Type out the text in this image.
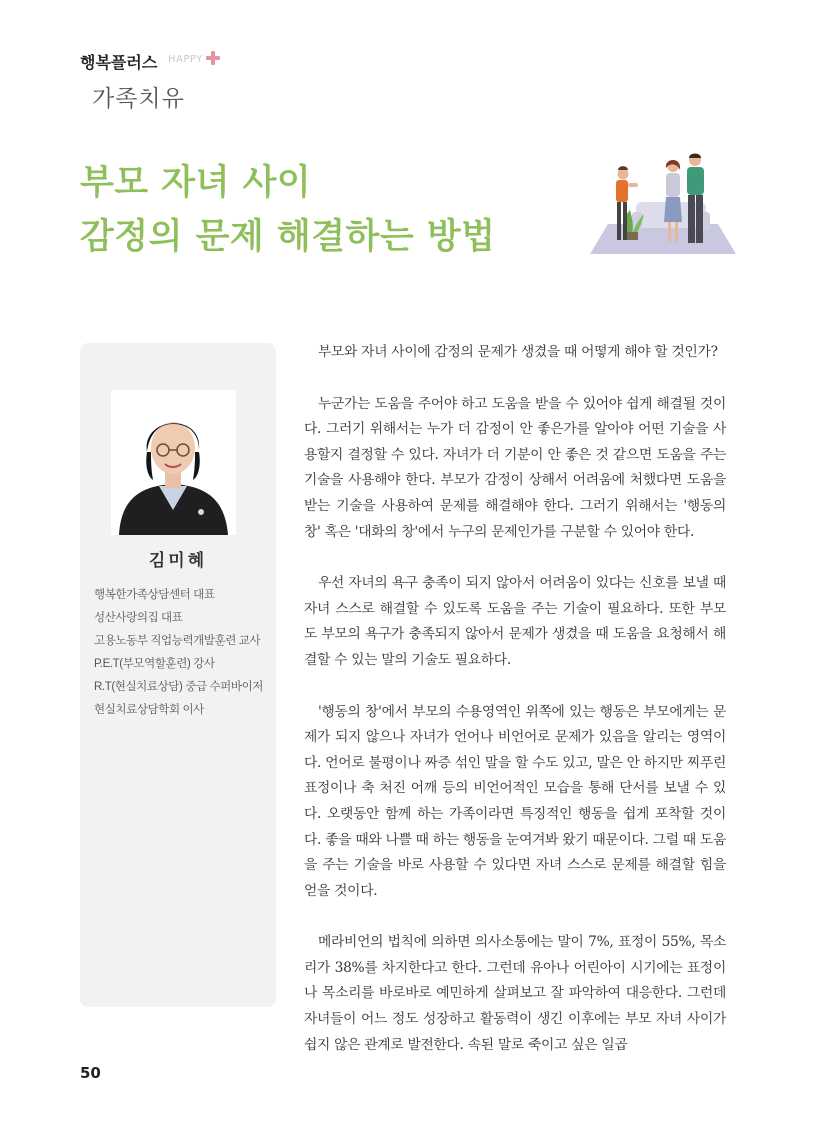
행복플러스 HAPPY
가족치유
부모 자녀 사이
감정의 문제 해결하는 방법
김미혜
행복한가족상담센터 대표
성산사랑의집 대표
고용노동부 직업능력개발훈련 교사
P.E.T(부모역할훈련) 강사
R.T(현실치료상담) 중급 수퍼바이저
현실치료상담학회 이사

부모와 자녀 사이에 감정의 문제가 생겼을 때 어떻게 해야 할 것인가?

누군가는 도움을 주어야 하고 도움을 받을 수 있어야 쉽게 해결될 것이다. 그러기 위해서는 누가 더 감정이 안 좋은가를 알아야 어떤 기술을 사용할지 결정할 수 있다. 자녀가 더 기분이 안 좋은 것 같으면 도움을 주는 기술을 사용해야 한다. 부모가 감정이 상해서 어려움에 처했다면 도움을 받는 기술을 사용하여 문제를 해결해야 한다. 그러기 위해서는 '행동의 창' 혹은 '대화의 창'에서 누구의 문제인가를 구분할 수 있어야 한다.

우선 자녀의 욕구 충족이 되지 않아서 어려움이 있다는 신호를 보낼 때 자녀 스스로 해결할 수 있도록 도움을 주는 기술이 필요하다. 또한 부모도 부모의 욕구가 충족되지 않아서 문제가 생겼을 때 도움을 요청해서 해결할 수 있는 말의 기술도 필요하다.

'행동의 창'에서 부모의 수용영역인 위쪽에 있는 행동은 부모에게는 문제가 되지 않으나 자녀가 언어나 비언어로 문제가 있음을 알리는 영역이다. 언어로 불평이나 짜증 섞인 말을 할 수도 있고, 말은 안 하지만 찌푸린 표정이나 축 처진 어깨 등의 비언어적인 모습을 통해 단서를 보낼 수 있다. 오랫동안 함께 하는 가족이라면 특징적인 행동을 쉽게 포착할 것이다. 좋을 때와 나쁠 때 하는 행동을 눈여겨봐 왔기 때문이다. 그럴 때 도움을 주는 기술을 바로 사용할 수 있다면 자녀 스스로 문제를 해결할 힘을 얻을 것이다.

메라비언의 법칙에 의하면 의사소통에는 말이 7%, 표정이 55%, 목소리가 38%를 차지한다고 한다. 그런데 유아나 어린아이 시기에는 표정이나 목소리를 바로바로 예민하게 살펴보고 잘 파악하여 대응한다. 그런데 자녀들이 어느 정도 성장하고 활동력이 생긴 이후에는 부모 자녀 사이가 쉽지 않은 관계로 발전한다. 속된 말로 죽이고 싶은 일곱

50
